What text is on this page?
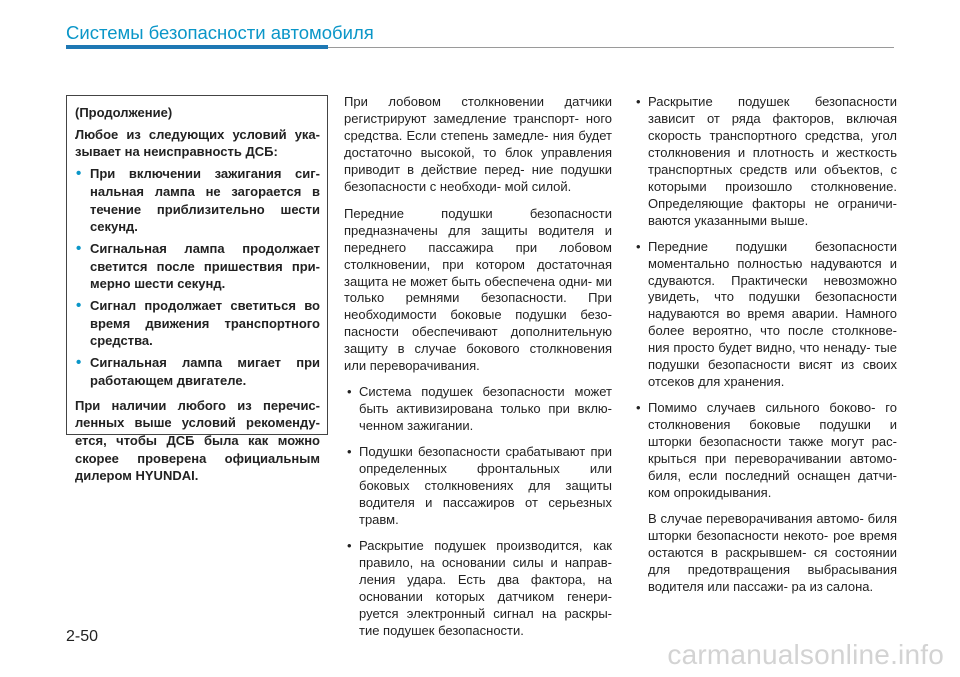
Системы безопасности автомобиля

(Продолжение)

Любое из следующих условий ука- зывает на неисправность ДСБ:

• При включении зажигания сиг- нальная лампа не загорается в течение приблизительно шести секунд.
• Сигнальная лампа продолжает светится после пришествия при- мерно шести секунд.
• Сигнал продолжает светиться во время движения транспортного средства.
• Сигнальная лампа мигает при работающем двигателе.

При наличии любого из перечис- ленных выше условий рекоменду- ется, чтобы ДСБ была как можно скорее проверена официальным дилером HYUNDAI.

При лобовом столкновении датчики регистрируют замедление транспорт- ного средства. Если степень замедле- ния будет достаточно высокой, то блок управления приводит в действие перед- ние подушки безопасности с необходи- мой силой.

Передние подушки безопасности предназначены для защиты водителя и переднего пассажира при лобовом столкновении, при котором достаточная защита не может быть обеспечена одни- ми только ремнями безопасности. При необходимости боковые подушки безо- пасности обеспечивают дополнительную защиту в случае бокового столкновения или переворачивания.

• Система подушек безопасности может быть активизирована только при вклю- ченном зажигании.
• Подушки безопасности срабатывают при определенных фронтальных или боковых столкновениях для защиты водителя и пассажиров от серьезных травм.
• Раскрытие подушек производится, как правило, на основании силы и направ- ления удара. Есть два фактора, на основании которых датчиком генери- руется электронный сигнал на раскры- тие подушек безопасности.
• Раскрытие подушек безопасности зависит от ряда факторов, включая скорость транспортного средства, угол столкновения и плотность и жесткость транспортных средств или объектов, с которыми произошло столкновение. Определяющие факторы не ограничи- ваются указанными выше.
• Передние подушки безопасности моментально полностью надуваются и сдуваются. Практически невозможно увидеть, что подушки безопасности надуваются во время аварии. Намного более вероятно, что после столкнове- ния просто будет видно, что ненаду- тые подушки безопасности висят из своих отсеков для хранения.
• Помимо случаев сильного боково- го столкновения боковые подушки и шторки безопасности также могут рас- крыться при переворачивании автомо- биля, если последний оснащен датчи- ком опрокидывания.

В случае переворачивания автомо- биля шторки безопасности некото- рое время остаются в раскрывшем- ся состоянии для предотвращения выбрасывания водителя или пассажи- ра из салона.

2-50
carmanualsonline.info
